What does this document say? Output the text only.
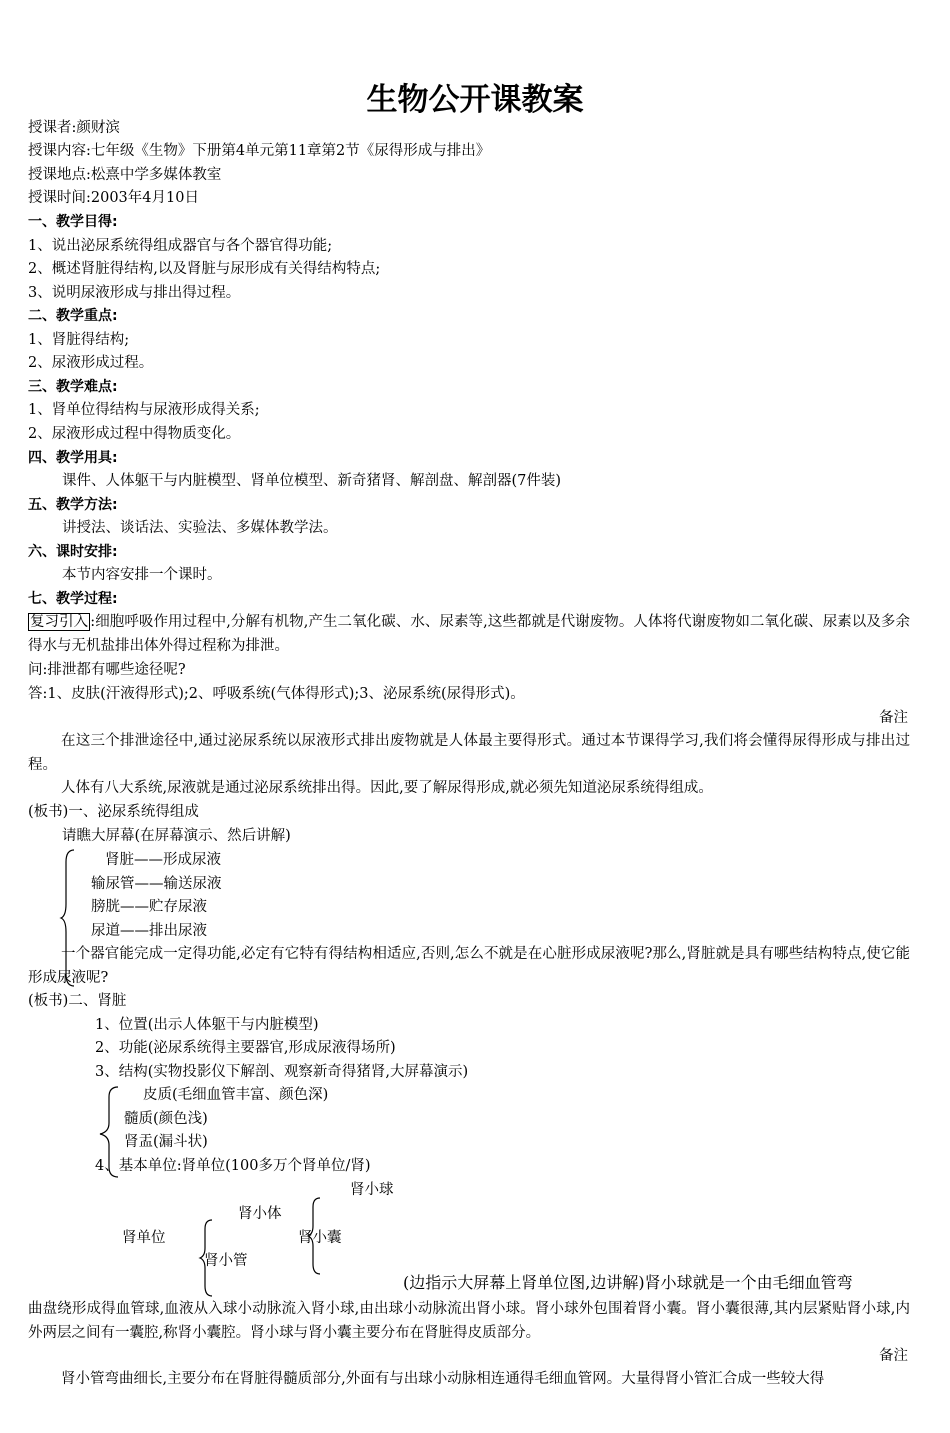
生物公开课教案
授课者:颜财滨
授课内容:七年级《生物》下册第4单元第11章第2节《尿得形成与排出》
授课地点:松熹中学多媒体教室
授课时间:2003年4月10日
一、教学目得:
1、说出泌尿系统得组成器官与各个器官得功能;
2、概述肾脏得结构,以及肾脏与尿形成有关得结构特点;
3、说明尿液形成与排出得过程。
二、教学重点:
1、肾脏得结构;
2、尿液形成过程。
三、教学难点:
1、肾单位得结构与尿液形成得关系;
2、尿液形成过程中得物质变化。
四、教学用具:
课件、人体躯干与内脏模型、肾单位模型、新奇猪肾、解剖盘、解剖器(7件装)
五、教学方法:
讲授法、谈话法、实验法、多媒体教学法。
六、课时安排:
本节内容安排一个课时。
七、教学过程:
复习引入 :细胞呼吸作用过程中,分解有机物,产生二氧化碳、水、尿素等,这些都就是代谢废物。人体将代谢废物如二氧化碳、尿素以及多余得水与无机盐排出体外得过程称为排泄。
问:排泄都有哪些途径呢?
答:1、皮肤(汗液得形式);2、呼吸系统(气体得形式);3、泌尿系统(尿得形式)。
备注
在这三个排泄途径中,通过泌尿系统以尿液形式排出废物就是人体最主要得形式。通过本节课得学习,我们将会懂得尿得形成与排出过程。
人体有八大系统,尿液就是通过泌尿系统排出得。因此,要了解尿得形成,就必须先知道泌尿系统得组成。
(板书)一、泌尿系统得组成
请瞧大屏幕(在屏幕演示、然后讲解)
肾脏——形成尿液
输尿管——输送尿液
膀胱——贮存尿液
尿道——排出尿液
一个器官能完成一定得功能,必定有它特有得结构相适应,否则,怎么不就是在心脏形成尿液呢?那么,肾脏就是具有哪些结构特点,使它能形成尿液呢?
(板书)二、肾脏
1、位置(出示人体躯干与内脏模型)
2、功能(泌尿系统得主要器官,形成尿液得场所)
3、结构(实物投影仪下解剖、观察新奇得猪肾,大屏幕演示)
皮质(毛细血管丰富、颜色深)
髓质(颜色浅)
肾盂(漏斗状)
4、基本单位:肾单位(100多万个肾单位/肾)
肾小球
肾小体
肾单位	肾小囊
肾小管
(边指示大屏幕上肾单位图,边讲解)肾小球就是一个由毛细血管弯
曲盘绕形成得血管球,血液从入球小动脉流入肾小球,由出球小动脉流出肾小球。肾小球外包围着肾小囊。肾小囊很薄,其内层紧贴肾小球,内外两层之间有一囊腔,称肾小囊腔。肾小球与肾小囊主要分布在肾脏得皮质部分。
备注
肾小管弯曲细长,主要分布在肾脏得髓质部分,外面有与出球小动脉相连通得毛细血管网。大量得肾小管汇合成一些较大得
